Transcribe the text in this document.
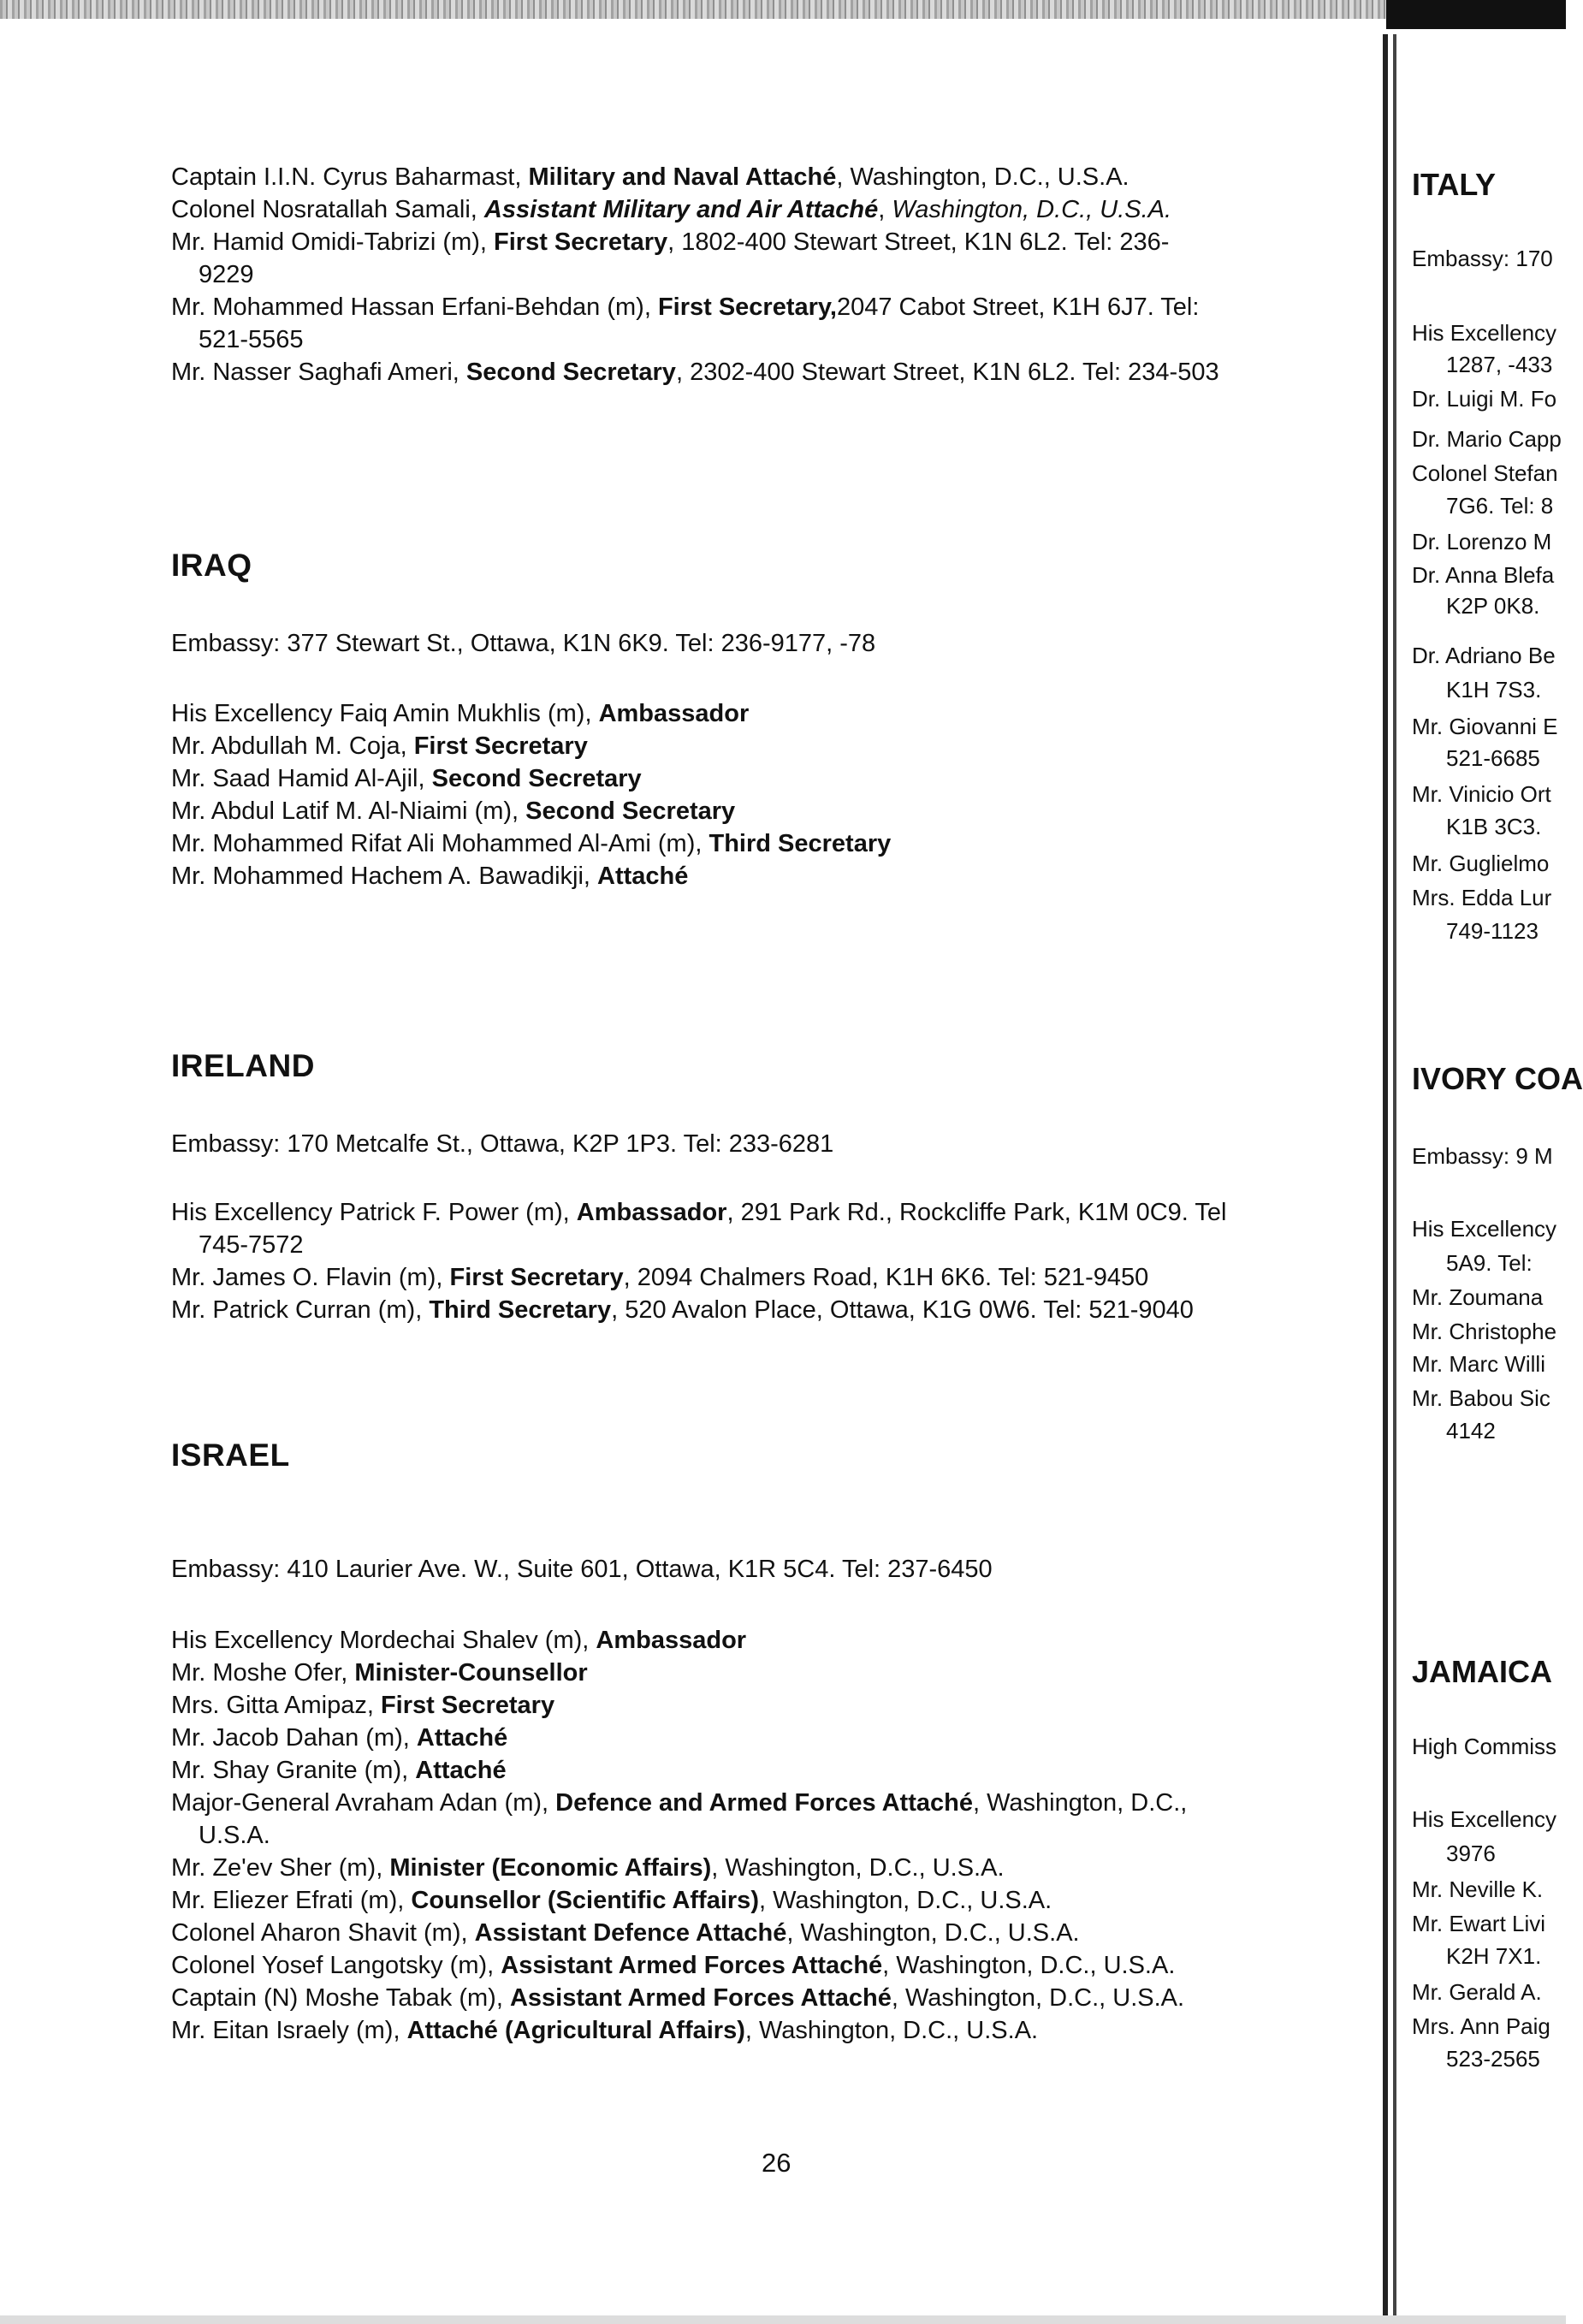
Captain I.I.N. Cyrus Baharmast, Military and Naval Attaché, Washington, D.C., U.S.A.
Colonel Nosratallah Samali, Assistant Military and Air Attaché, Washington, D.C., U.S.A.
Mr. Hamid Omidi-Tabrizi (m), First Secretary, 1802-400 Stewart Street, K1N 6L2. Tel: 236-
9229
Mr. Mohammed Hassan Erfani-Behdan (m), First Secretary,2047 Cabot Street, K1H 6J7. Tel:
521-5565
Mr. Nasser Saghafi Ameri, Second Secretary, 2302-400 Stewart Street, K1N 6L2. Tel: 234-503
IRAQ
Embassy: 377 Stewart St., Ottawa, K1N 6K9. Tel: 236-9177, -78
His Excellency Faiq Amin Mukhlis (m), Ambassador
Mr. Abdullah M. Coja, First Secretary
Mr. Saad Hamid Al-Ajil, Second Secretary
Mr. Abdul Latif M. Al-Niaimi (m), Second Secretary
Mr. Mohammed Rifat Ali Mohammed Al-Ami (m), Third Secretary
Mr. Mohammed Hachem A. Bawadikji, Attaché
IRELAND
Embassy: 170 Metcalfe St., Ottawa, K2P 1P3. Tel: 233-6281
His Excellency Patrick F. Power (m), Ambassador, 291 Park Rd., Rockcliffe Park, K1M 0C9. Tel
745-7572
Mr. James O. Flavin (m), First Secretary, 2094 Chalmers Road, K1H 6K6. Tel: 521-9450
Mr. Patrick Curran (m), Third Secretary, 520 Avalon Place, Ottawa, K1G 0W6. Tel: 521-9040
ISRAEL
Embassy: 410 Laurier Ave. W., Suite 601, Ottawa, K1R 5C4. Tel: 237-6450
His Excellency Mordechai Shalev (m), Ambassador
Mr. Moshe Ofer, Minister-Counsellor
Mrs. Gitta Amipaz, First Secretary
Mr. Jacob Dahan (m), Attaché
Mr. Shay Granite (m), Attaché
Major-General Avraham Adan (m), Defence and Armed Forces Attaché, Washington, D.C.,
U.S.A.
Mr. Ze'ev Sher (m), Minister (Economic Affairs), Washington, D.C., U.S.A.
Mr. Eliezer Efrati (m), Counsellor (Scientific Affairs), Washington, D.C., U.S.A.
Colonel Aharon Shavit (m), Assistant Defence Attaché, Washington, D.C., U.S.A.
Colonel Yosef Langotsky (m), Assistant Armed Forces Attaché, Washington, D.C., U.S.A.
Captain (N) Moshe Tabak (m), Assistant Armed Forces Attaché, Washington, D.C., U.S.A.
Mr. Eitan Israely (m), Attaché (Agricultural Affairs), Washington, D.C., U.S.A.
26
ITALY
Embassy: 170
His Excellency
1287, -433
Dr. Luigi M. Fo
Dr. Mario Capp
Colonel Stefan
7G6. Tel: 8
Dr. Lorenzo M
Dr. Anna Blefa
K2P 0K8.
Dr. Adriano Be
K1H 7S3.
Mr. Giovanni E
521-6685
Mr. Vinicio Ort
K1B 3C3.
Mr. Guglielmo
Mrs. Edda Lur
749-1123
IVORY COA
Embassy: 9 M
His Excellency
5A9. Tel:
Mr. Zoumana
Mr. Christophe
Mr. Marc Willi
Mr. Babou Sic
4142
JAMAICA
High Commiss
His Excellency
3976
Mr. Neville K.
Mr. Ewart Livi
K2H 7X1.
Mr. Gerald A.
Mrs. Ann Paig
523-2565
